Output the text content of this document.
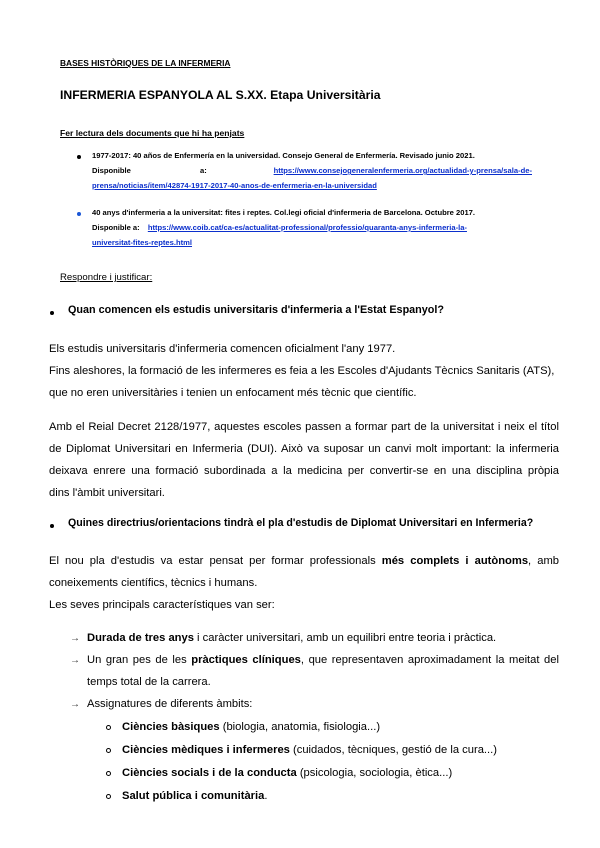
BASES HISTÒRIQUES DE LA INFERMERIA
INFERMERIA ESPANYOLA AL S.XX. Etapa Universitària
Fer lectura dels documents que hi ha penjats
1977-2017: 40 años de Enfermería en la universidad. Consejo General de Enfermería. Revisado junio 2021.
Disponible	a:	https://www.consejogeneralenfermeria.org/actualidad-y-prensa/sala-de-
prensa/noticias/item/42874-1917-2017-40-anos-de-enfermeria-en-la-universidad
40 anys d'infermeria a la universitat: fites i reptes. Col.legi oficial d'infermeria de Barcelona. Octubre 2017.
Disponible a: https://www.coib.cat/ca-es/actualitat-professional/professio/quaranta-anys-infermeria-la-
universitat-fites-reptes.html
Respondre i justificar:
Quan comencen els estudis universitaris d'infermeria a l'Estat Espanyol?
Els estudis universitaris d'infermeria comencen oficialment l'any 1977.
Fins aleshores, la formació de les infermeres es feia a les Escoles d'Ajudants Tècnics Sanitaris (ATS),
que no eren universitàries i tenien un enfocament més tècnic que científic.
Amb el Reial Decret 2128/1977, aquestes escoles passen a formar part de la universitat i neix el títol
de Diplomat Universitari en Infermeria (DUI). Això va suposar un canvi molt important: la infermeria
deixava enrere una formació subordinada a la medicina per convertir-se en una disciplina pròpia
dins l'àmbit universitari.
Quines directrius/orientacions tindrà el pla d'estudis de Diplomat Universitari en Infermeria?
El nou pla d'estudis va estar pensat per formar professionals més complets i autònoms, amb
coneixements científics, tècnics i humans.
Les seves principals característiques van ser:
→ Durada de tres anys i caràcter universitari, amb un equilibri entre teoria i pràctica.
→ Un gran pes de les pràctiques clíniques, que representaven aproximadament la meitat del
temps total de la carrera.
→ Assignatures de diferents àmbits:
Ciències bàsiques (biologia, anatomia, fisiologia...)
Ciències mèdiques i infermeres (cuidados, tècniques, gestió de la cura...)
Ciències socials i de la conducta (psicologia, sociologia, ètica...)
Salut pública i comunitària.
